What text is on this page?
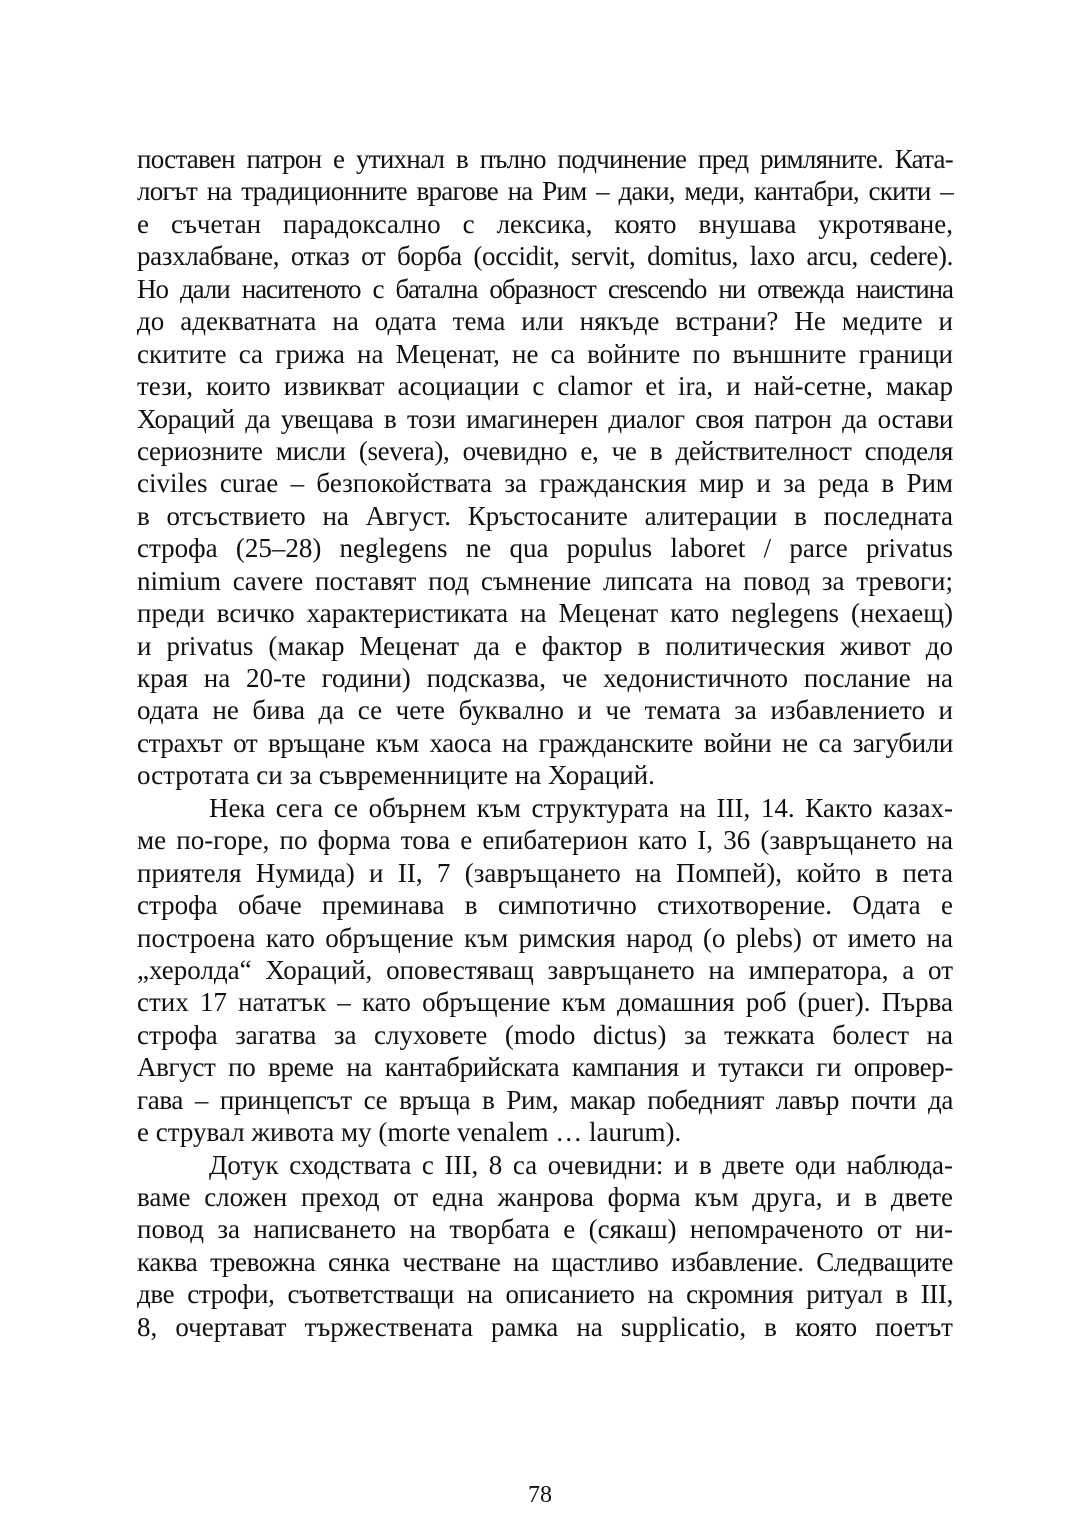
поставен патрон е утихнал в пълно подчинение пред римляните. Ката-
логът на традиционните врагове на Рим – даки, меди, кантабри, скити –
е съчетан парадоксално с лексика, която внушава укротяване,
разхлабване, отказ от борба (occidit, servit, domitus, laxo arcu, cedere).
Но дали наситеното с батална образност crescendo ни отвежда наистина
до адекватната на одата тема или някъде встрани? Не медите и
скитите са грижа на Меценат, не са войните по външните граници
тези, които извикват асоциации с clamor et ira, и най-сетне, макар
Хораций да увещава в този имагинерен диалог своя патрон да остави
сериозните мисли (severa), очевидно е, че в действителност споделя
civiles curae – безпокойствата за гражданския мир и за реда в Рим
в отсъствието на Август. Кръстосаните алитерации в последната
строфа (25–28) neglegens ne qua populus laboret / parce privatus
nimium cavere поставят под съмнение липсата на повод за тревоги;
преди всичко характеристиката на Меценат като neglegens (нехаещ)
и privatus (макар Меценат да е фактор в политическия живот до
края на 20-те години) подсказва, че хедонистичното послание на
одата не бива да се чете буквално и че темата за избавлението и
страхът от връщане към хаоса на гражданските войни не са загубили
остротата си за съвременниците на Хораций.
Нека сега се обърнем към структурата на III, 14. Както казах-
ме по-горе, по форма това е епибатерион като I, 36 (завръщането на
приятеля Нумида) и II, 7 (завръщането на Помпей), който в пета
строфа обаче преминава в симпотично стихотворение. Одата е
построена като обръщение към римския народ (o plebs) от името на
„херолда“ Хораций, оповестяващ завръщането на императора, а от
стих 17 нататък – като обръщение към домашния роб (puer). Първа
строфа загатва за слуховете (modo dictus) за тежката болест на
Август по време на кантабрийската кампания и тутакси ги опровер-
гава – принцепсът се връща в Рим, макар победният лавър почти да
е струвал живота му (morte venalem … laurum).
Дотук сходствата с III, 8 са очевидни: и в двете оди наблюда-
ваме сложен преход от една жанрова форма към друга, и в двете
повод за написването на творбата е (сякаш) непомраченото от ни-
каква тревожна сянка честване на щастливо избавление. Следващите
две строфи, съответстващи на описанието на скромния ритуал в III,
8, очертават тържествената рамка на supplicatio, в която поетът
78
